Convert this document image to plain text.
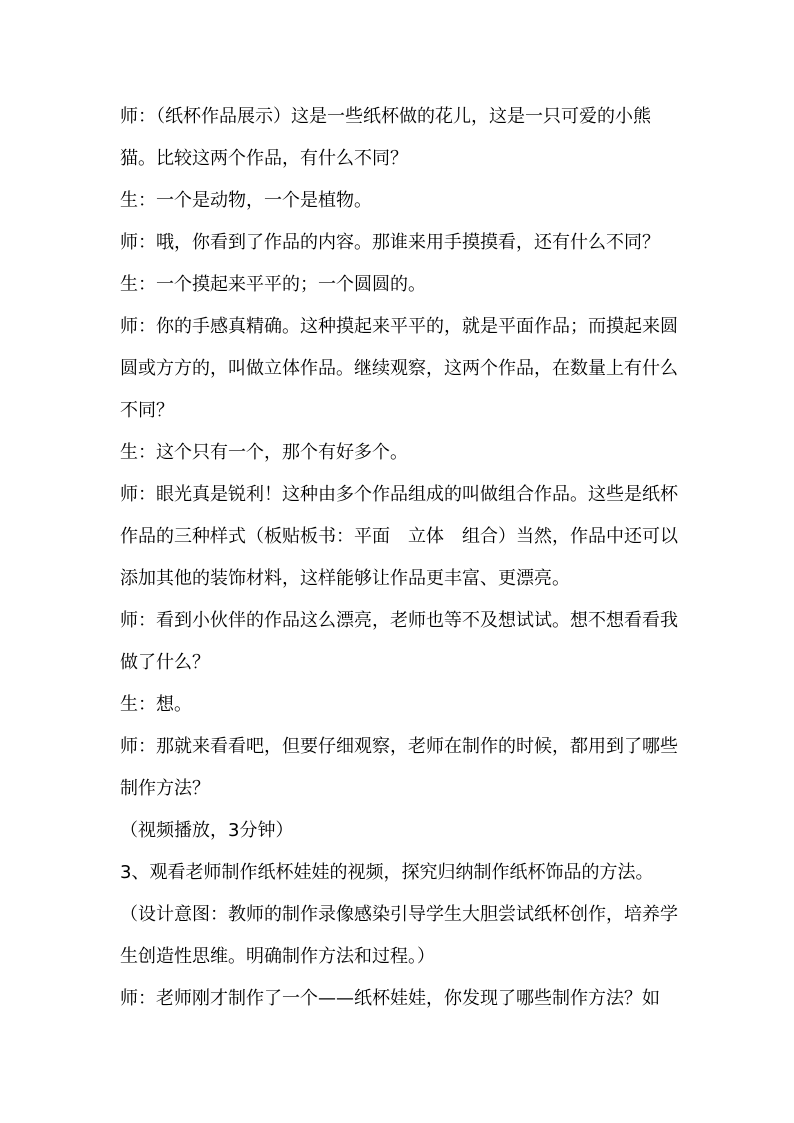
师：（纸杯作品展示）这是一些纸杯做的花儿，这是一只可爱的小熊猫。比较这两个作品，有什么不同？

生：一个是动物，一个是植物。

师：哦，你看到了作品的内容。那谁来用手摸摸看，还有什么不同？

生：一个摸起来平平的；一个圆圆的。

师：你的手感真精确。这种摸起来平平的，就是平面作品；而摸起来圆圆或方方的，叫做立体作品。继续观察，这两个作品，在数量上有什么不同？

生：这个只有一个，那个有好多个。

师：眼光真是锐利！这种由多个作品组成的叫做组合作品。这些是纸杯作品的三种样式（板贴板书：平面　立体　组合）当然，作品中还可以添加其他的装饰材料，这样能够让作品更丰富、更漂亮。

师：看到小伙伴的作品这么漂亮，老师也等不及想试试。想不想看看我做了什么？

生：想。

师：那就来看看吧，但要仔细观察，老师在制作的时候，都用到了哪些制作方法？

（视频播放，3分钟）

3、观看老师制作纸杯娃娃的视频，探究归纳制作纸杯饰品的方法。

（设计意图：教师的制作录像感染引导学生大胆尝试纸杯创作，培养学生创造性思维。明确制作方法和过程。）

师：老师刚才制作了一个——纸杯娃娃，你发现了哪些制作方法？如
